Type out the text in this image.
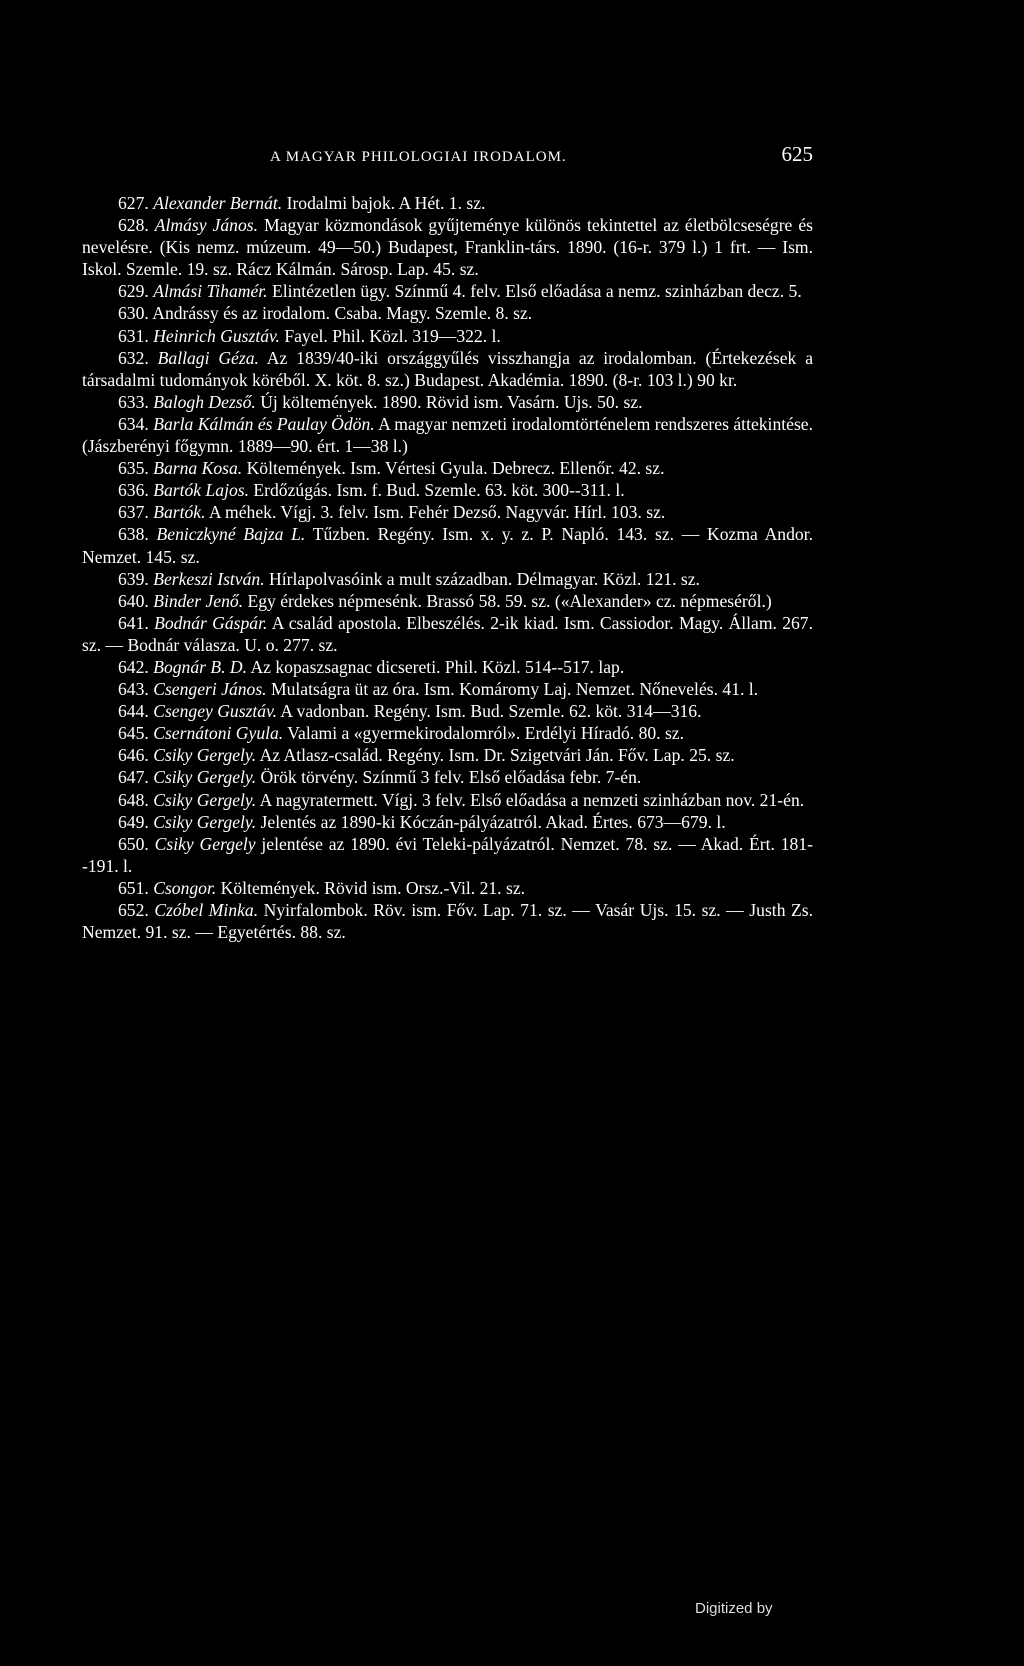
A MAGYAR PHILOLOGIAI IRODALOM.	625

627. Alexander Bernát. Irodalmi bajok. A Hét. 1. sz.

628. Almásy János. Magyar közmondások gyűjteménye különös tekintettel az életbölcseségre és nevelésre. (Kis nemz. múzeum. 49—50.) Budapest, Franklin-társ. 1890. (16-r. 379 l.) 1 frt. — Ism. Iskol. Szemle. 19. sz. Rácz Kálmán. Sárosp. Lap. 45. sz.

629. Almási Tihamér. Elintézetlen ügy. Színmű 4. felv. Első előadása a nemz. szinházban decz. 5.

630. Andrássy és az irodalom. Csaba. Magy. Szemle. 8. sz.

631. Heinrich Gusztáv. Fayel. Phil. Közl. 319—322. l.

632. Ballagi Géza. Az 1839/40-iki országgyűlés visszhangja az irodalomban. (Értekezések a társadalmi tudományok köréből. X. köt. 8. sz.) Budapest. Akadémia. 1890. (8-r. 103 l.) 90 kr.

633. Balogh Dezső. Új költemények. 1890. Rövid ism. Vasárn. Ujs. 50. sz.

634. Barla Kálmán és Paulay Ödön. A magyar nemzeti irodalomtörténelem rendszeres áttekintése. (Jászberényi főgymn. 1889—90. ért. 1—38 l.)

635. Barna Kosa. Költemények. Ism. Vértesi Gyula. Debrecz. Ellenőr. 42. sz.

636. Bartók Lajos. Erdőzúgás. Ism. f. Bud. Szemle. 63. köt. 300--311. l.

637. Bartók. A méhek. Vígj. 3. felv. Ism. Fehér Dezső. Nagyvár. Hírl. 103. sz.

638. Beniczkyné Bajza L. Tűzben. Regény. Ism. x. y. z. P. Napló. 143. sz. — Kozma Andor. Nemzet. 145. sz.

639. Berkeszi István. Hírlapolvasóink a mult században. Délmagyar. Közl. 121. sz.

640. Binder Jenő. Egy érdekes népmesénk. Brassó 58. 59. sz. («Alexander» cz. népmeséről.)

641. Bodnár Gáspár. A család apostola. Elbeszélés. 2-ik kiad. Ism. Cassiodor. Magy. Állam. 267. sz. — Bodnár válasza. U. o. 277. sz.

642. Bognár B. D. Az kopaszsagnac dicsereti. Phil. Közl. 514--517. lap.

643. Csengeri János. Mulatságra üt az óra. Ism. Komáromy Laj. Nemzet. Nőnevelés. 41. l.

644. Csengey Gusztáv. A vadonban. Regény. Ism. Bud. Szemle. 62. köt. 314—316.

645. Csernátoni Gyula. Valami a «gyermekirodalomról». Erdélyi Híradó. 80. sz.

646. Csiky Gergely. Az Atlasz-család. Regény. Ism. Dr. Szigetvári Ján. Főv. Lap. 25. sz.

647. Csiky Gergely. Örök törvény. Színmű 3 felv. Első előadása febr. 7-én.

648. Csiky Gergely. A nagyratermett. Vígj. 3 felv. Első előadása a nemzeti szinházban nov. 21-én.

649. Csiky Gergely. Jelentés az 1890-ki Kóczán-pályázatról. Akad. Értes. 673—679. l.

650. Csiky Gergely jelentése az 1890. évi Teleki-pályázatról. Nemzet. 78. sz. — Akad. Ért. 181--191. l.

651. Csongor. Költemények. Rövid ism. Orsz.-Vil. 21. sz.

652. Czóbel Minka. Nyirfalombok. Röv. ism. Főv. Lap. 71. sz. — Vasár Ujs. 15. sz. — Justh Zs. Nemzet. 91. sz. — Egyetértés. 88. sz.

Digitized by
